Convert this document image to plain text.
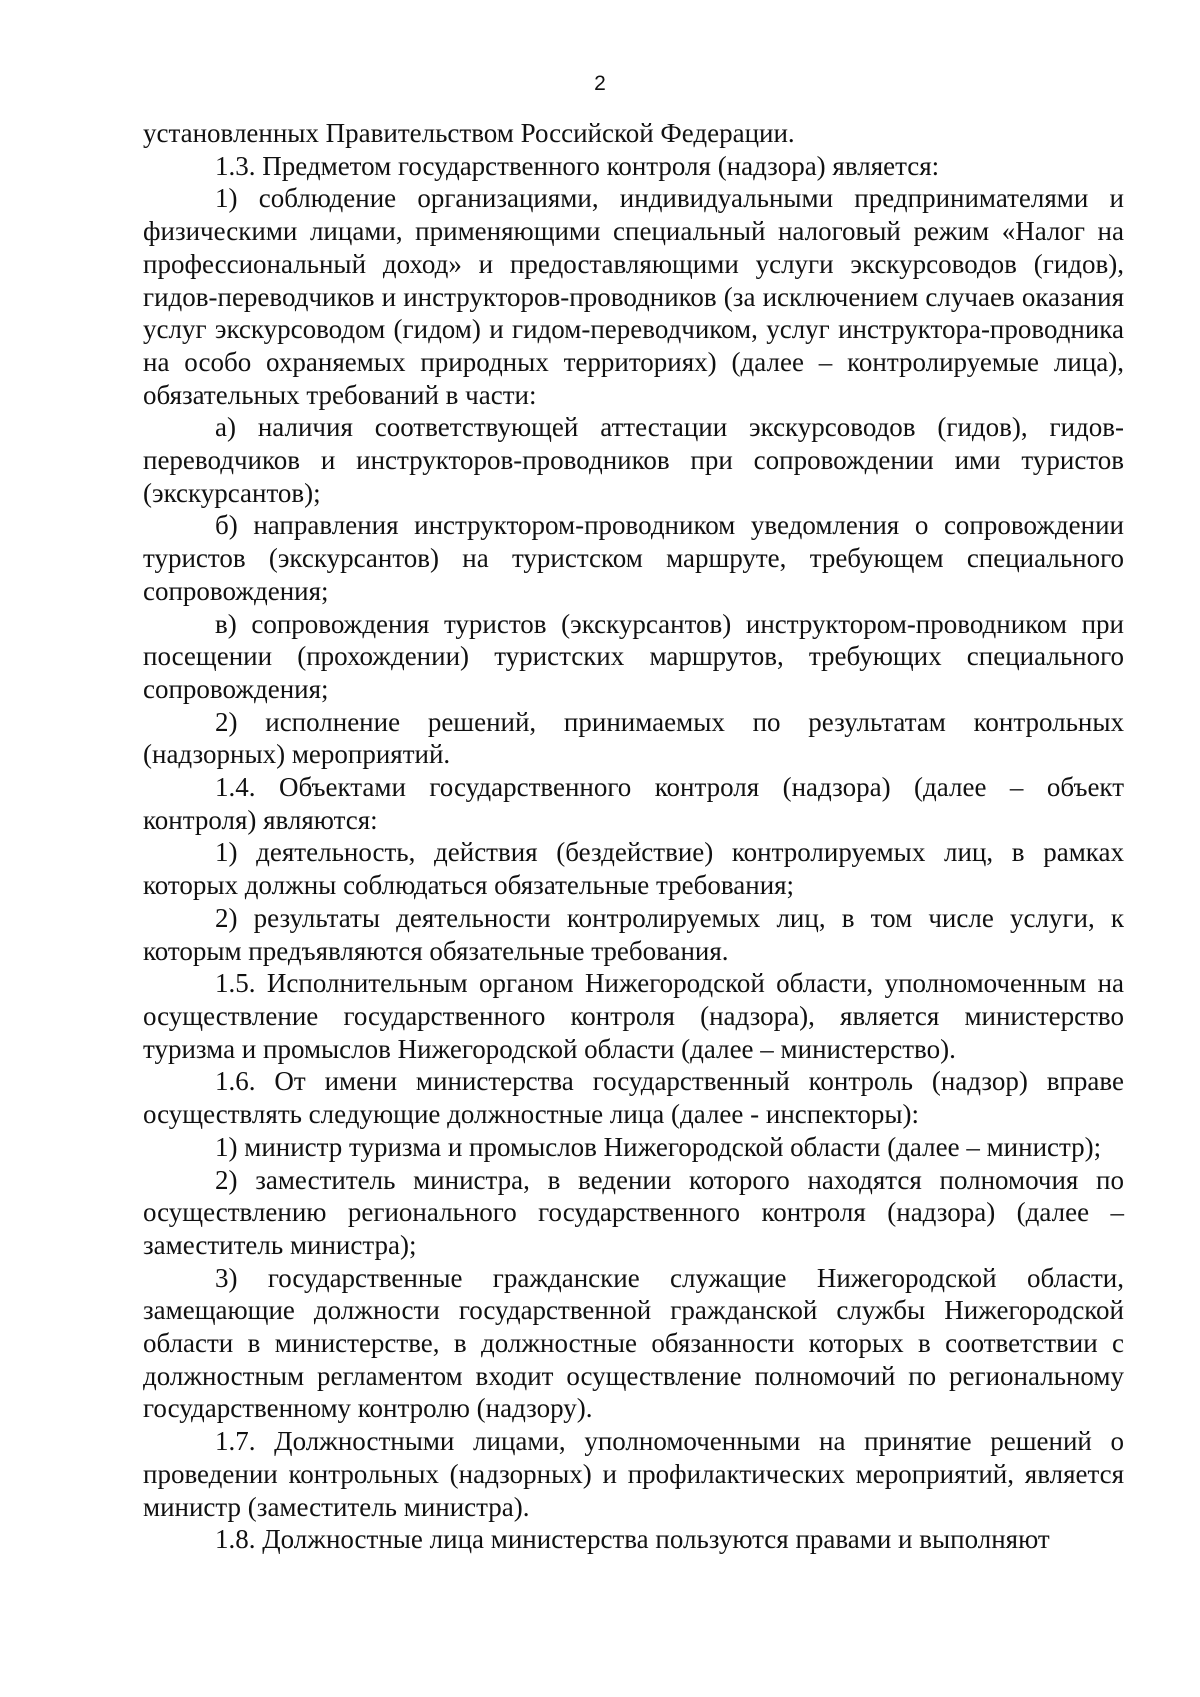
2

установленных Правительством Российской Федерации.

1.3. Предметом государственного контроля (надзора) является:

1) соблюдение организациями, индивидуальными предпринимателями и физическими лицами, применяющими специальный налоговый режим «Налог на профессиональный доход» и предоставляющими услуги экскурсоводов (гидов), гидов-переводчиков и инструкторов-проводников (за исключением случаев оказания услуг экскурсоводом (гидом) и гидом-переводчиком, услуг инструктора-проводника на особо охраняемых природных территориях) (далее – контролируемые лица), обязательных требований в части:

а) наличия соответствующей аттестации экскурсоводов (гидов), гидов-переводчиков и инструкторов-проводников при сопровождении ими туристов (экскурсантов);

б) направления инструктором-проводником уведомления о сопровождении туристов (экскурсантов) на туристском маршруте, требующем специального сопровождения;

в) сопровождения туристов (экскурсантов) инструктором-проводником при посещении (прохождении) туристских маршрутов, требующих специального сопровождения;

2) исполнение решений, принимаемых по результатам контрольных (надзорных) мероприятий.

1.4. Объектами государственного контроля (надзора) (далее – объект контроля) являются:

1) деятельность, действия (бездействие) контролируемых лиц, в рамках которых должны соблюдаться обязательные требования;

2) результаты деятельности контролируемых лиц, в том числе услуги, к которым предъявляются обязательные требования.

1.5. Исполнительным органом Нижегородской области, уполномоченным на осуществление государственного контроля (надзора), является министерство туризма и промыслов Нижегородской области (далее – министерство).

1.6. От имени министерства государственный контроль (надзор) вправе осуществлять следующие должностные лица (далее - инспекторы):

1) министр туризма и промыслов Нижегородской области (далее – министр);

2) заместитель министра, в ведении которого находятся полномочия по осуществлению регионального государственного контроля (надзора) (далее – заместитель министра);

3) государственные гражданские служащие Нижегородской области, замещающие должности государственной гражданской службы Нижегородской области в министерстве, в должностные обязанности которых в соответствии с должностным регламентом входит осуществление полномочий по региональному государственному контролю (надзору).

1.7. Должностными лицами, уполномоченными на принятие решений о проведении контрольных (надзорных) и профилактических мероприятий, является министр (заместитель министра).

1.8. Должностные лица министерства пользуются правами и выполняют
